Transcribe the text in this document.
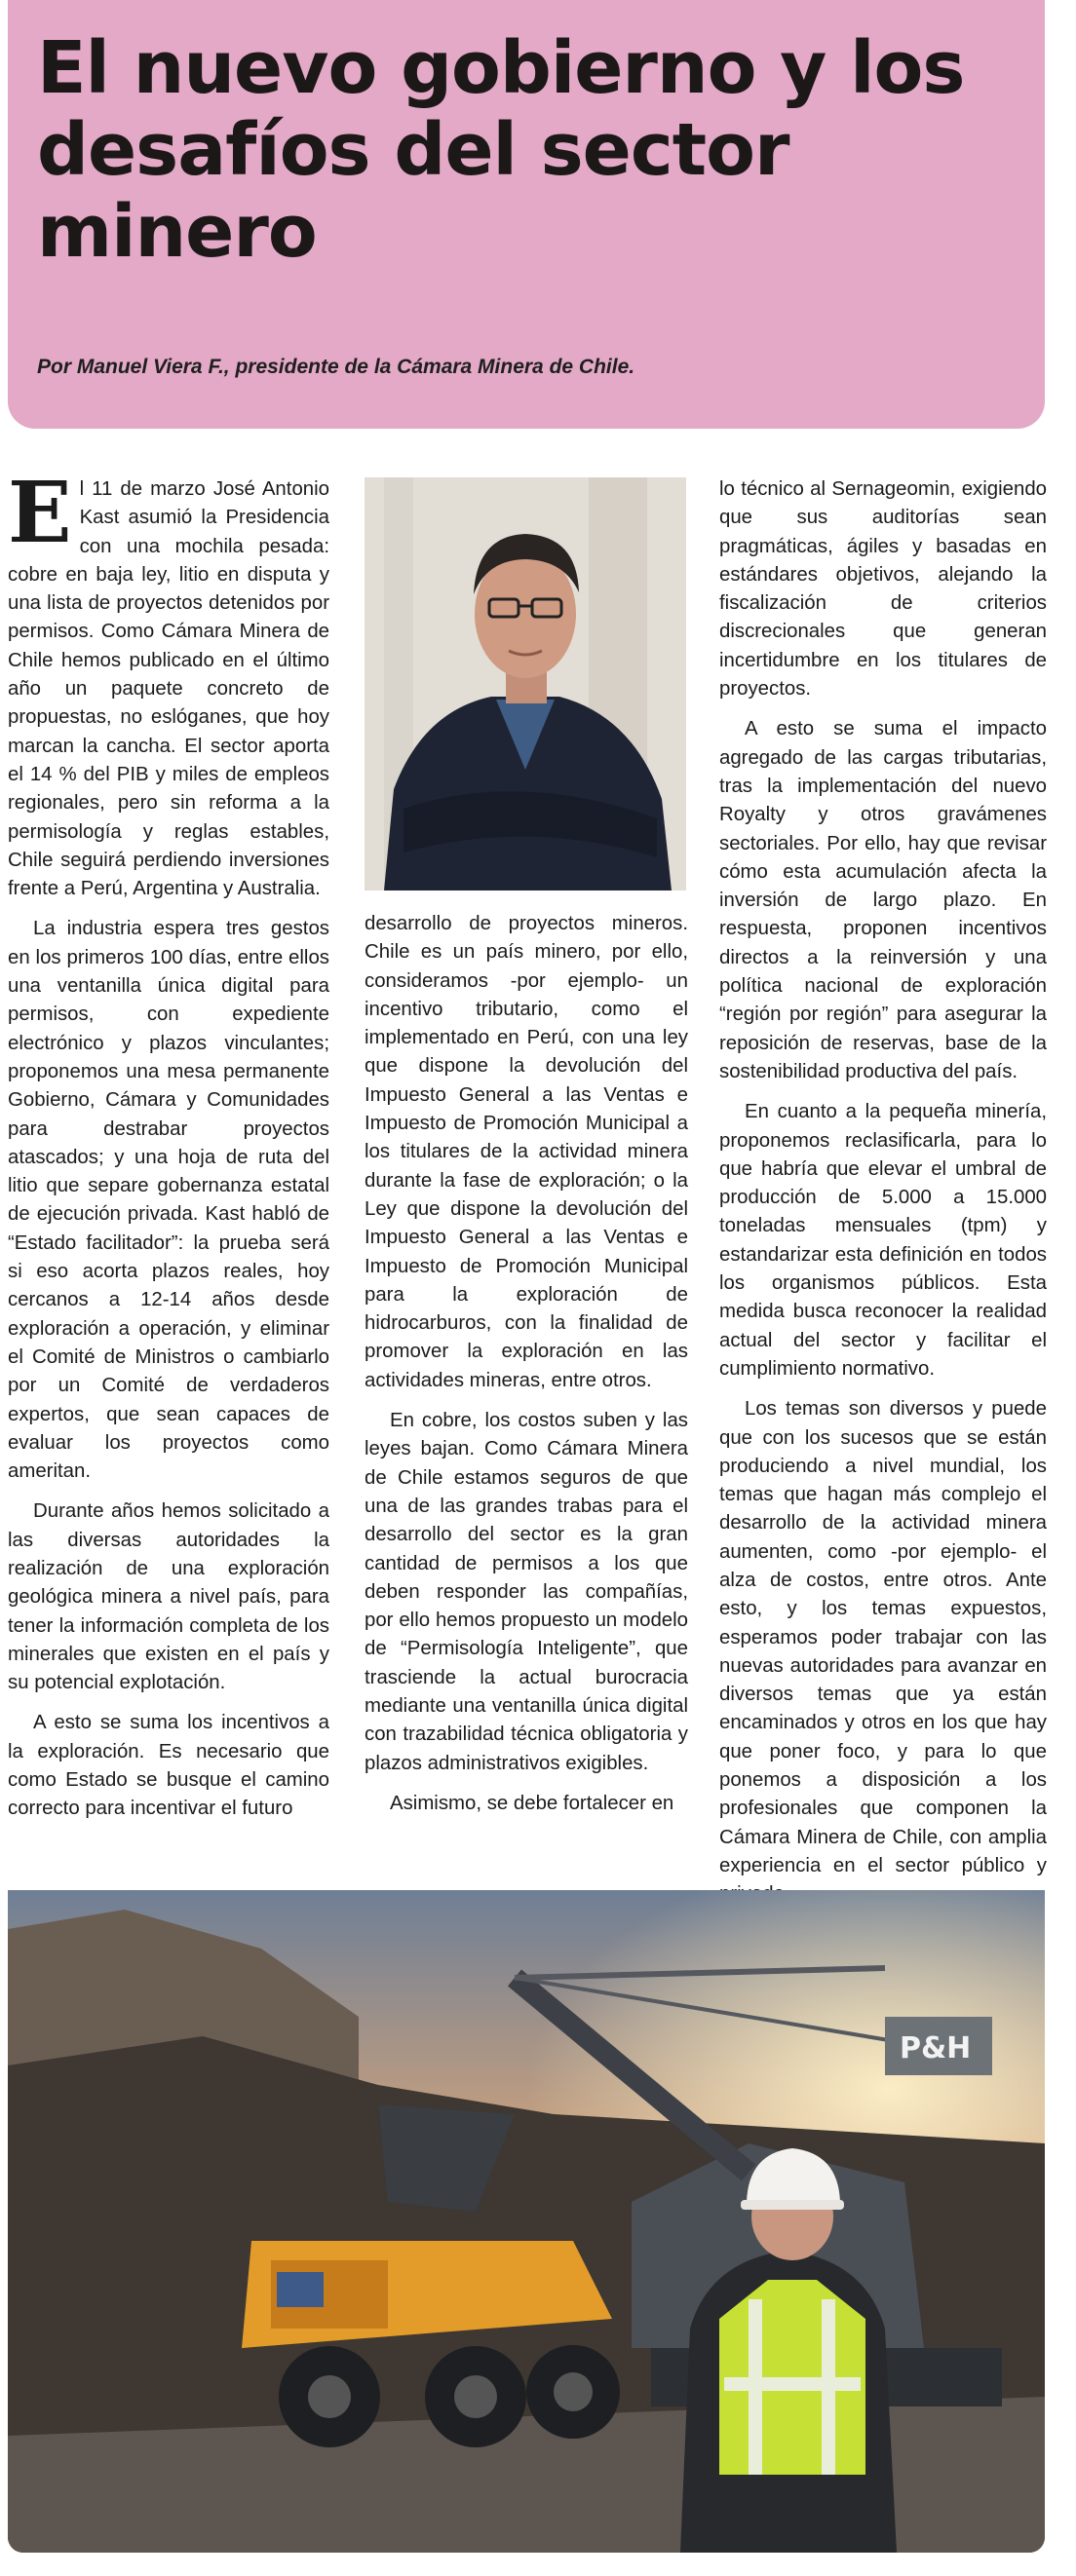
El nuevo gobierno y los desafíos del sector minero

Por Manuel Viera F., presidente de la Cámara Minera de Chile.

El 11 de marzo José Antonio Kast asumió la Presidencia con una mochila pesada: cobre en baja ley, litio en disputa y una lista de proyectos detenidos por permisos. Como Cámara Minera de Chile hemos publicado en el último año un paquete concreto de propuestas, no eslóganes, que hoy marcan la cancha. El sector aporta el 14 % del PIB y miles de empleos regionales, pero sin reforma a la permisología y reglas estables, Chile seguirá perdiendo inversiones frente a Perú, Argentina y Australia.

La industria espera tres gestos en los primeros 100 días, entre ellos una ventanilla única digital para permisos, con expediente electrónico y plazos vinculantes; proponemos una mesa permanente Gobierno, Cámara y Comunidades para destrabar proyectos atascados; y una hoja de ruta del litio que separe gobernanza estatal de ejecución privada. Kast habló de “Estado facilitador”: la prueba será si eso acorta plazos reales, hoy cercanos a 12-14 años desde exploración a operación, y eliminar el Comité de Ministros o cambiarlo por un Comité de verdaderos expertos, que sean capaces de evaluar los proyectos como ameritan.

Durante años hemos solicitado a las diversas autoridades la realización de una exploración geológica minera a nivel país, para tener la información completa de los minerales que existen en el país y su potencial explotación.

A esto se suma los incentivos a la exploración. Es necesario que como Estado se busque el camino correcto para incentivar el futuro

desarrollo de proyectos mineros. Chile es un país minero, por ello, consideramos -por ejemplo- un incentivo tributario, como el implementado en Perú, con una ley que dispone la devolución del Impuesto General a las Ventas e Impuesto de Promoción Municipal a los titulares de la actividad minera durante la fase de exploración; o la Ley que dispone la devolución del Impuesto General a las Ventas e Impuesto de Promoción Municipal para la exploración de hidrocarburos, con la finalidad de promover la exploración en las actividades mineras, entre otros.

En cobre, los costos suben y las leyes bajan. Como Cámara Minera de Chile estamos seguros de que una de las grandes trabas para el desarrollo del sector es la gran cantidad de permisos a los que deben responder las compañías, por ello hemos propuesto un modelo de “Permisología Inteligente”, que trasciende la actual burocracia mediante una ventanilla única digital con trazabilidad técnica obligatoria y plazos administrativos exigibles.

Asimismo, se debe fortalecer en

lo técnico al Sernageomin, exigiendo que sus auditorías sean pragmáticas, ágiles y basadas en estándares objetivos, alejando la fiscalización de criterios discrecionales que generan incertidumbre en los titulares de proyectos.

A esto se suma el impacto agregado de las cargas tributarias, tras la implementación del nuevo Royalty y otros gravámenes sectoriales. Por ello, hay que revisar cómo esta acumulación afecta la inversión de largo plazo. En respuesta, proponen incentivos directos a la reinversión y una política nacional de exploración “región por región” para asegurar la reposición de reservas, base de la sostenibilidad productiva del país.

En cuanto a la pequeña minería, proponemos reclasificarla, para lo que habría que elevar el umbral de producción de 5.000 a 15.000 toneladas mensuales (tpm) y estandarizar esta definición en todos los organismos públicos. Esta medida busca reconocer la realidad actual del sector y facilitar el cumplimiento normativo.

Los temas son diversos y puede que con los sucesos que se están produciendo a nivel mundial, los temas que hagan más complejo el desarrollo de la actividad minera aumenten, como -por ejemplo- el alza de costos, entre otros. Ante esto, y los temas expuestos, esperamos poder trabajar con las nuevas autoridades para avanzar en diversos temas que ya están encaminados y otros en los que hay que poner foco, y para lo que ponemos a disposición a los profesionales que componen la Cámara Minera de Chile, con amplia experiencia en el sector público y

P&H
